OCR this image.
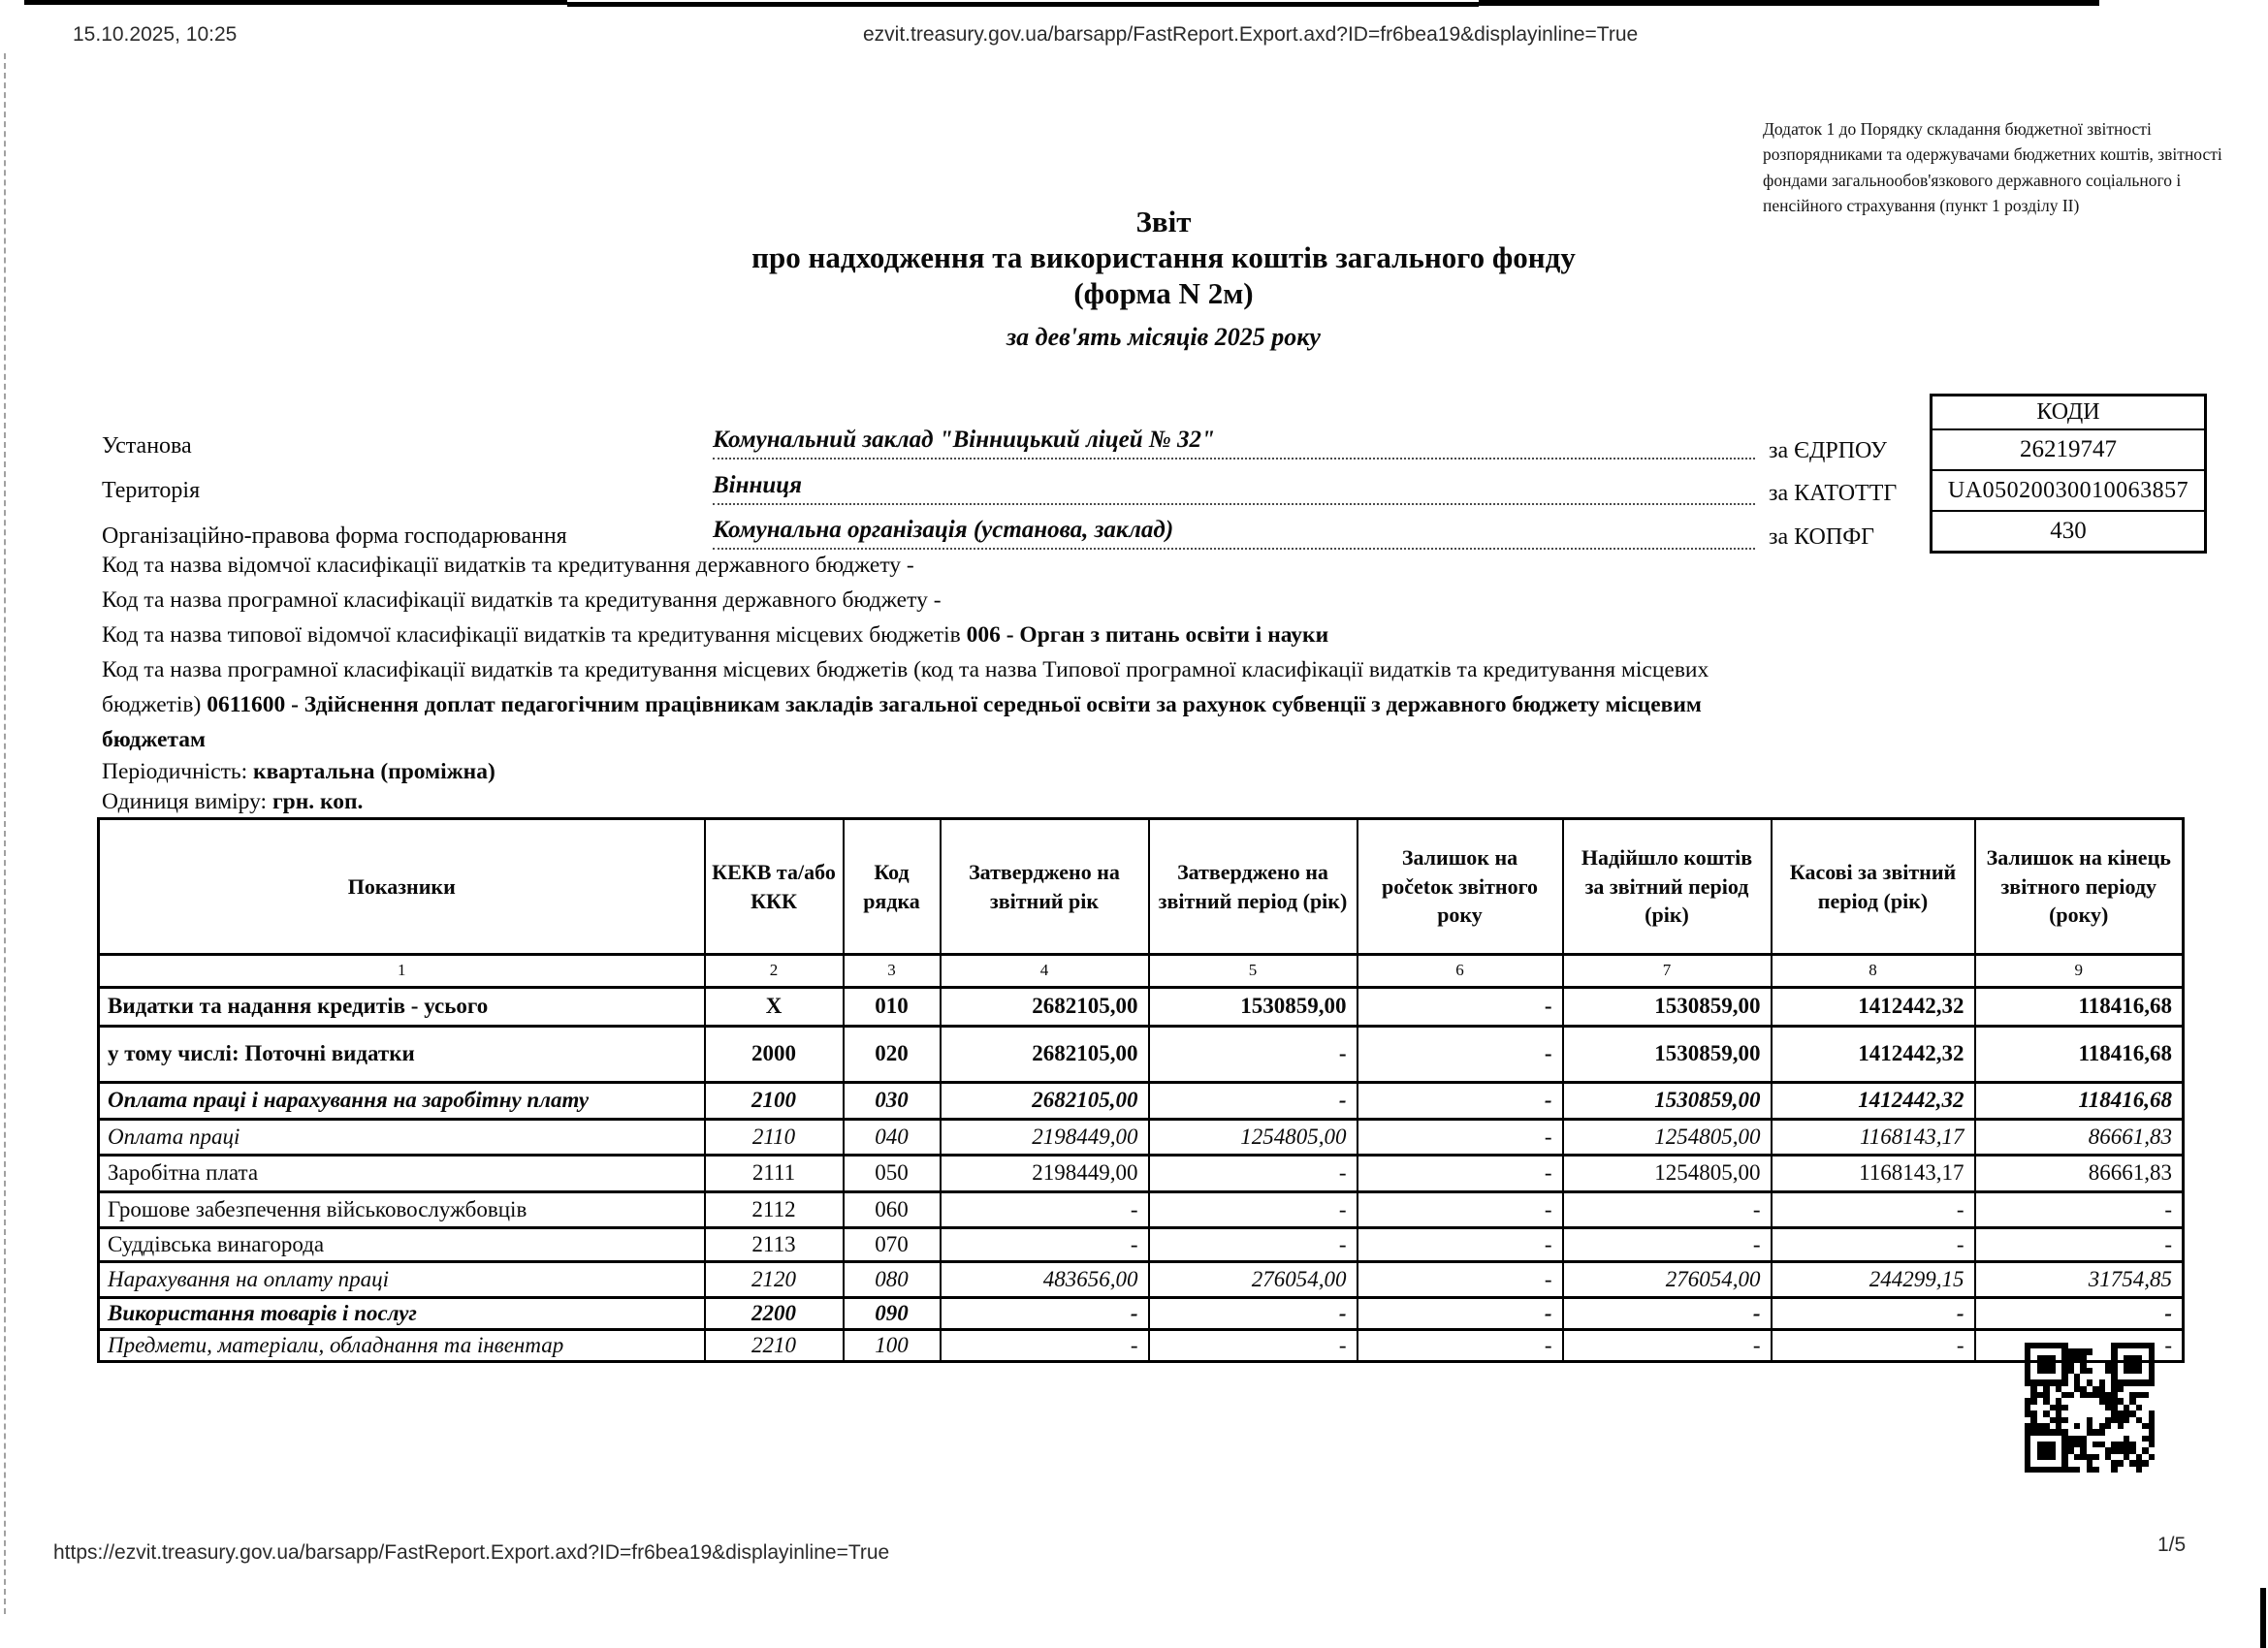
15.10.2025, 10:25	ezvit.treasury.gov.ua/barsapp/FastReport.Export.axd?ID=fr6bea19&displayinline=True
https://ezvit.treasury.gov.ua/barsapp/FastReport.Export.axd?ID=fr6bea19&displayinline=True	1/5
Додаток 1 до Порядку складання бюджетної звітності розпорядниками та одержувачами бюджетних коштів, звітності фондами загальнообов'язкового державного соціального і пенсійного страхування (пункт 1 розділу ІІ)
Звіт
про надходження та використання коштів загального фонду
(форма N 2м)
за дев'ять місяців 2025 року
Установа	Комунальний заклад "Вінницький ліцей № 32"	за ЄДРПОУ
Територія	Вінниця	за КАТОТТГ
Організаційно-правова форма господарювання	Комунальна організація (установа, заклад)	за КОПФГ
КОДИ
26219747
UA05020030010063857
430
Код та назва відомчої класифікації видатків та кредитування державного бюджету -
Код та назва програмної класифікації видатків та кредитування державного бюджету -
Код та назва типової відомчої класифікації видатків та кредитування місцевих бюджетів 006 - Орган з питань освіти і науки
Код та назва програмної класифікації видатків та кредитування місцевих бюджетів (код та назва Типової програмної класифікації видатків та кредитування місцевих бюджетів) 0611600 - Здійснення доплат педагогічним працівникам закладів загальної середньої освіти за рахунок субвенції з державного бюджету місцевим бюджетам
Періодичність: квартальна (проміжна)
Одиниця виміру: грн. коп.
Показники	КЕКВ та/або ККК	Код рядка	Затверджено на звітний рік	Затверджено на звітний період (рік)	Залишок на početок звітного року	Надійшло коштів за звітний період (рік)	Касові за звітний період (рік)	Залишок на кінець звітного періоду (року)
1	2	3	4	5	6	7	8	9
Видатки та надання кредитів - усього	X	010	2682105,00	1530859,00	-	1530859,00	1412442,32	118416,68
у тому числі: Поточні видатки	2000	020	2682105,00	-	-	1530859,00	1412442,32	118416,68
Оплата праці і нарахування на заробітну плату	2100	030	2682105,00	-	-	1530859,00	1412442,32	118416,68
Оплата праці	2110	040	2198449,00	1254805,00	-	1254805,00	1168143,17	86661,83
Заробітна плата	2111	050	2198449,00	-	-	1254805,00	1168143,17	86661,83
Грошове забезпечення військовослужбовців	2112	060	-	-	-	-	-	-
Суддівська винагорода	2113	070	-	-	-	-	-	-
Нарахування на оплату праці	2120	080	483656,00	276054,00	-	276054,00	244299,15	31754,85
Використання товарів і послуг	2200	090	-	-	-	-	-	-
Предмети, матеріали, обладнання та інвентар	2210	100	-	-	-	-	-	-
